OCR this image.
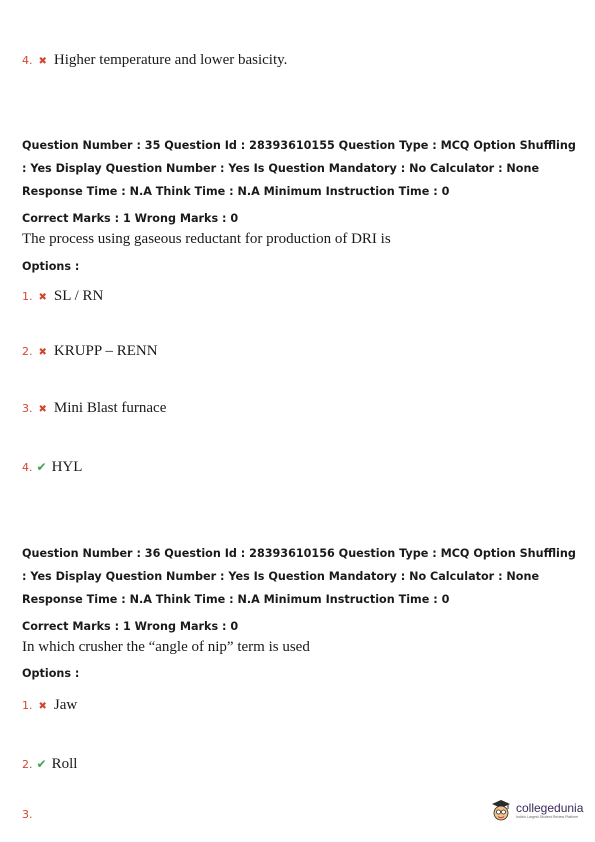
4. ✖ Higher temperature and lower basicity.
Question Number : 35 Question Id : 28393610155 Question Type : MCQ Option Shuffling : Yes Display Question Number : Yes Is Question Mandatory : No Calculator : None Response Time : N.A Think Time : N.A Minimum Instruction Time : 0
Correct Marks : 1 Wrong Marks : 0
The process using gaseous reductant for production of DRI is
Options :
1. ✖ SL / RN
2. ✖ KRUPP – RENN
3. ✖ Mini Blast furnace
4. ✔ HYL
Question Number : 36 Question Id : 28393610156 Question Type : MCQ Option Shuffling : Yes Display Question Number : Yes Is Question Mandatory : No Calculator : None Response Time : N.A Think Time : N.A Minimum Instruction Time : 0
Correct Marks : 1 Wrong Marks : 0
In which crusher the “angle of nip” term is used
Options :
1. ✖ Jaw
2. ✔ Roll
3.	collegedunia
India's Largest Student Review Platform
